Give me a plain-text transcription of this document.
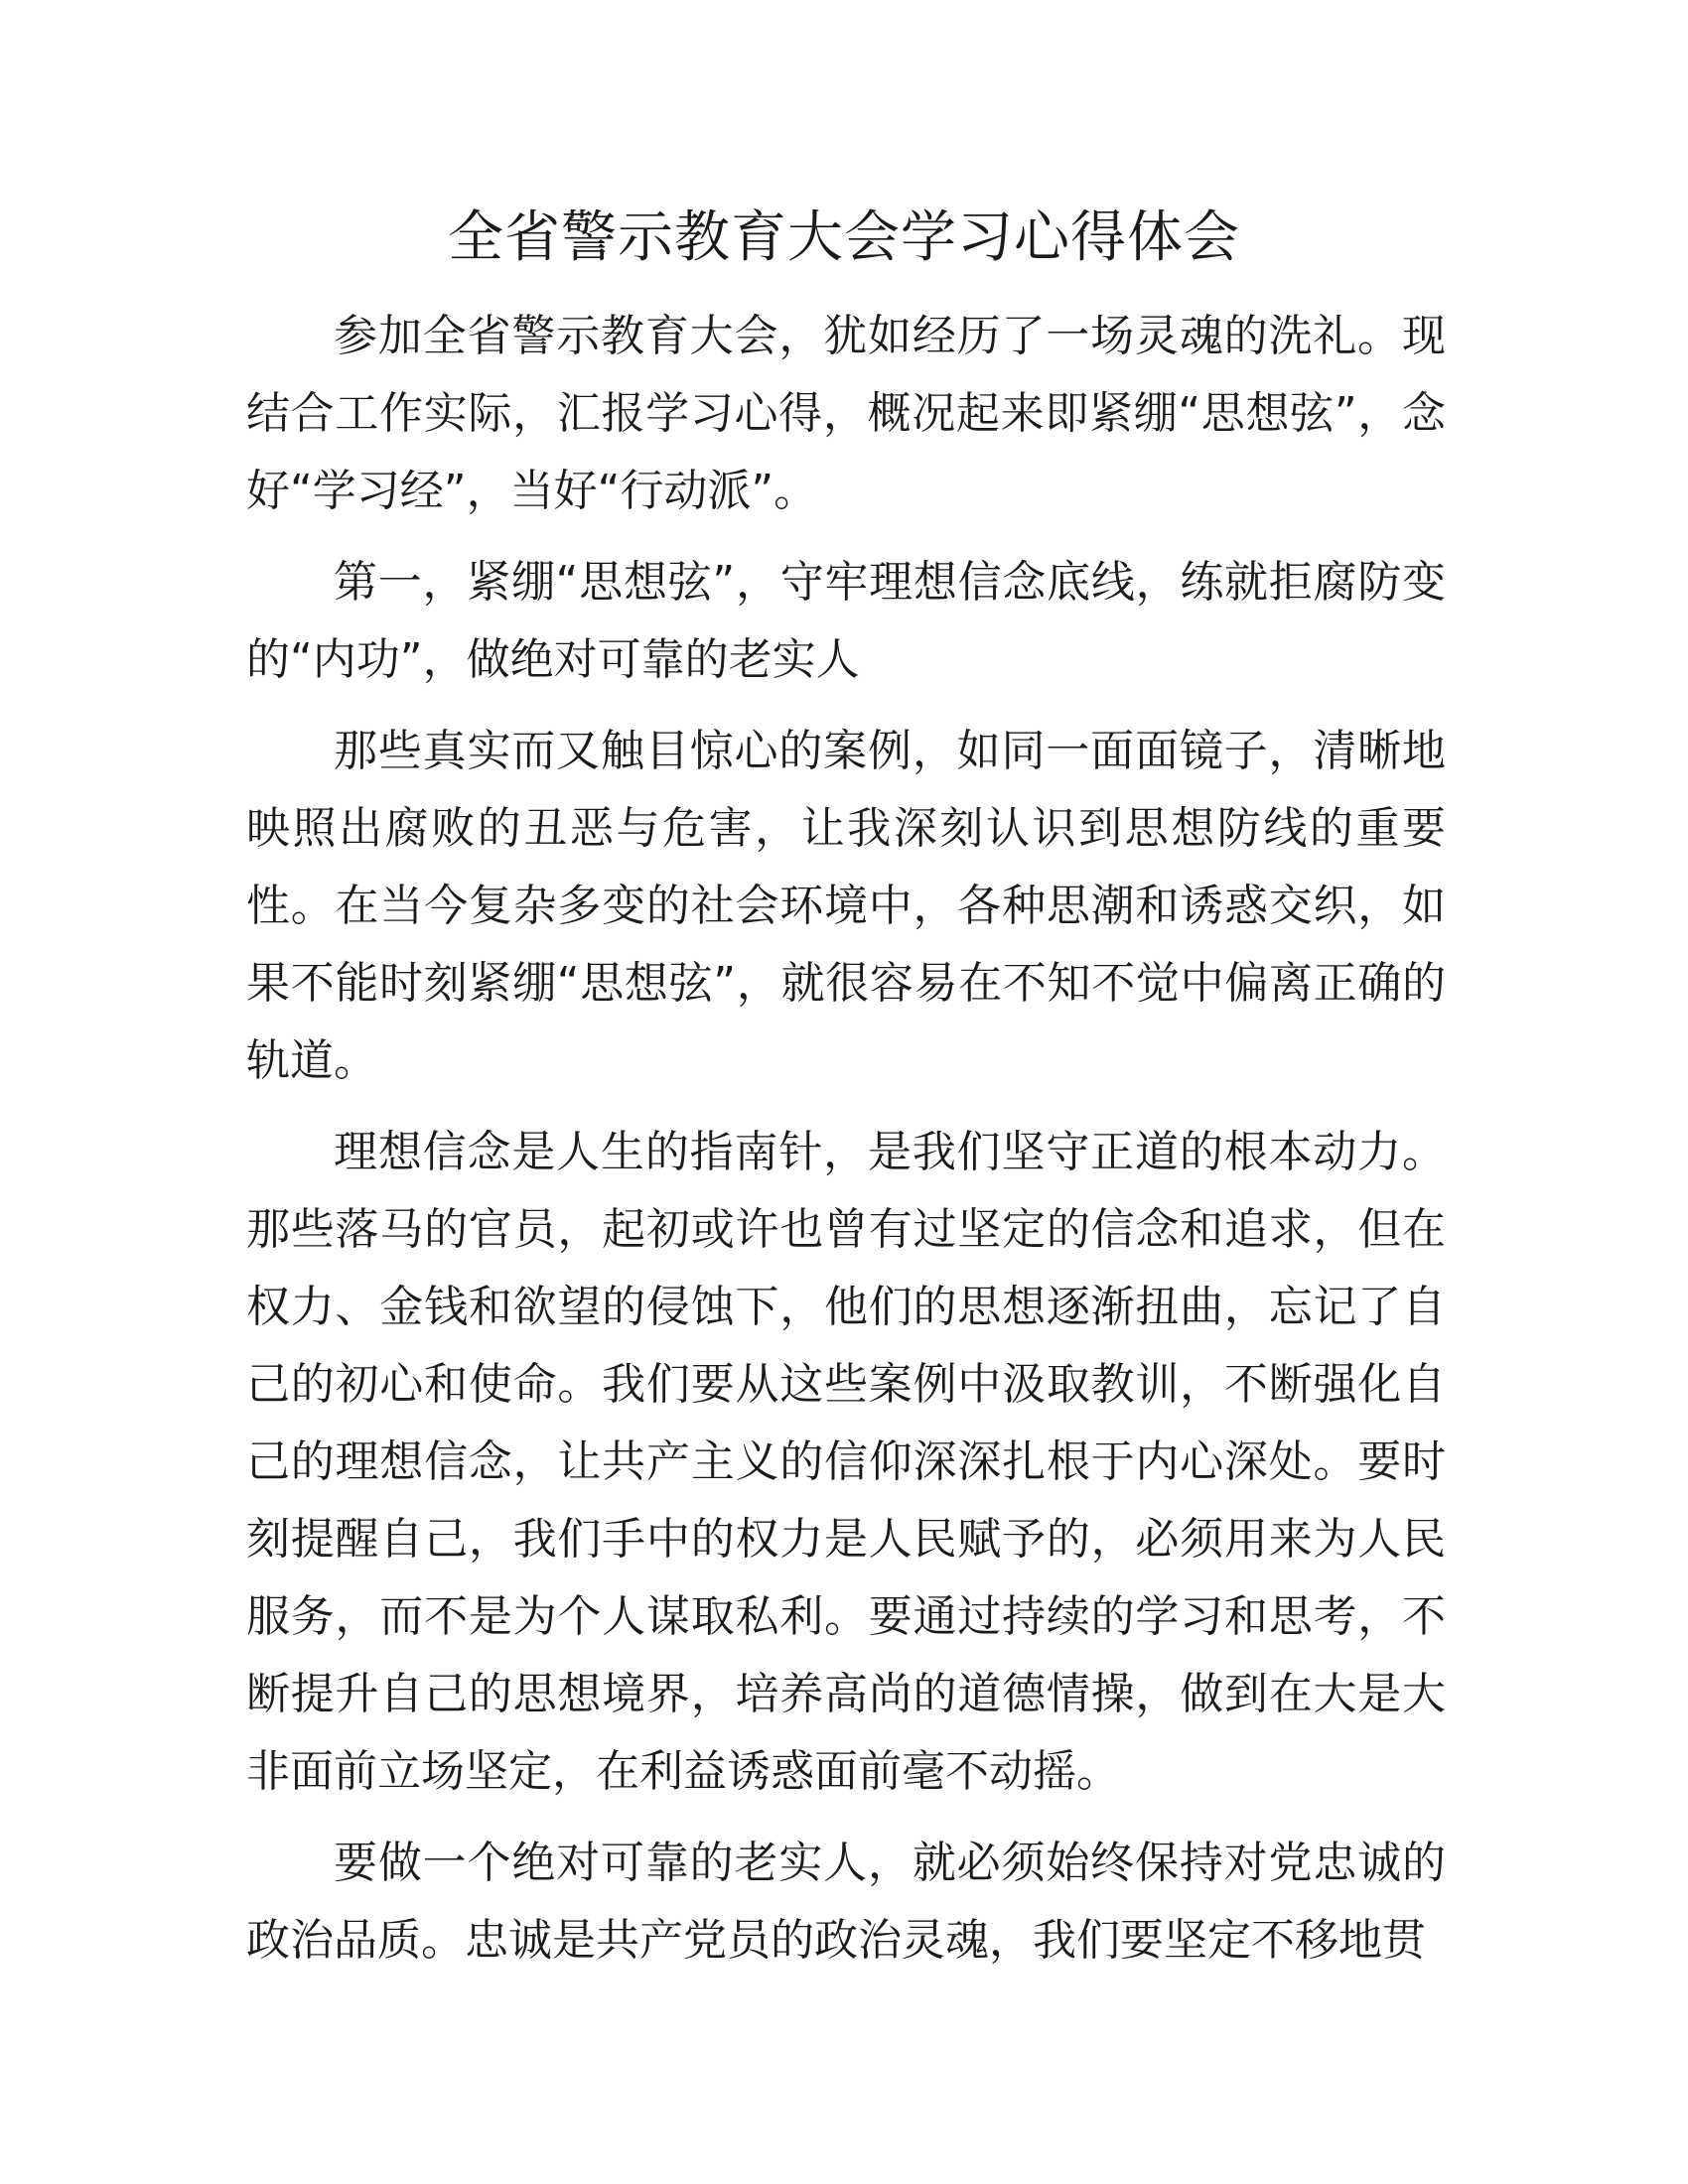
全省警示教育大会学习心得体会

参加全省警示教育大会，犹如经历了一场灵魂的洗礼。现结合工作实际，汇报学习心得，概况起来即紧绷“思想弦”，念好“学习经”，当好“行动派”。

第一，紧绷“思想弦”，守牢理想信念底线，练就拒腐防变的“内功”，做绝对可靠的老实人

那些真实而又触目惊心的案例，如同一面面镜子，清晰地映照出腐败的丑恶与危害，让我深刻认识到思想防线的重要性。在当今复杂多变的社会环境中，各种思潮和诱惑交织，如果不能时刻紧绷“思想弦”，就很容易在不知不觉中偏离正确的轨道。

理想信念是人生的指南针，是我们坚守正道的根本动力。那些落马的官员，起初或许也曾有过坚定的信念和追求，但在权力、金钱和欲望的侵蚀下，他们的思想逐渐扭曲，忘记了自己的初心和使命。我们要从这些案例中汲取教训，不断强化自己的理想信念，让共产主义的信仰深深扎根于内心深处。要时刻提醒自己，我们手中的权力是人民赋予的，必须用来为人民服务，而不是为个人谋取私利。要通过持续的学习和思考，不断提升自己的思想境界，培养高尚的道德情操，做到在大是大非面前立场坚定，在利益诱惑面前毫不动摇。

要做一个绝对可靠的老实人，就必须始终保持对党忠诚的政治品质。忠诚是共产党员的政治灵魂，我们要坚定不移地贯
